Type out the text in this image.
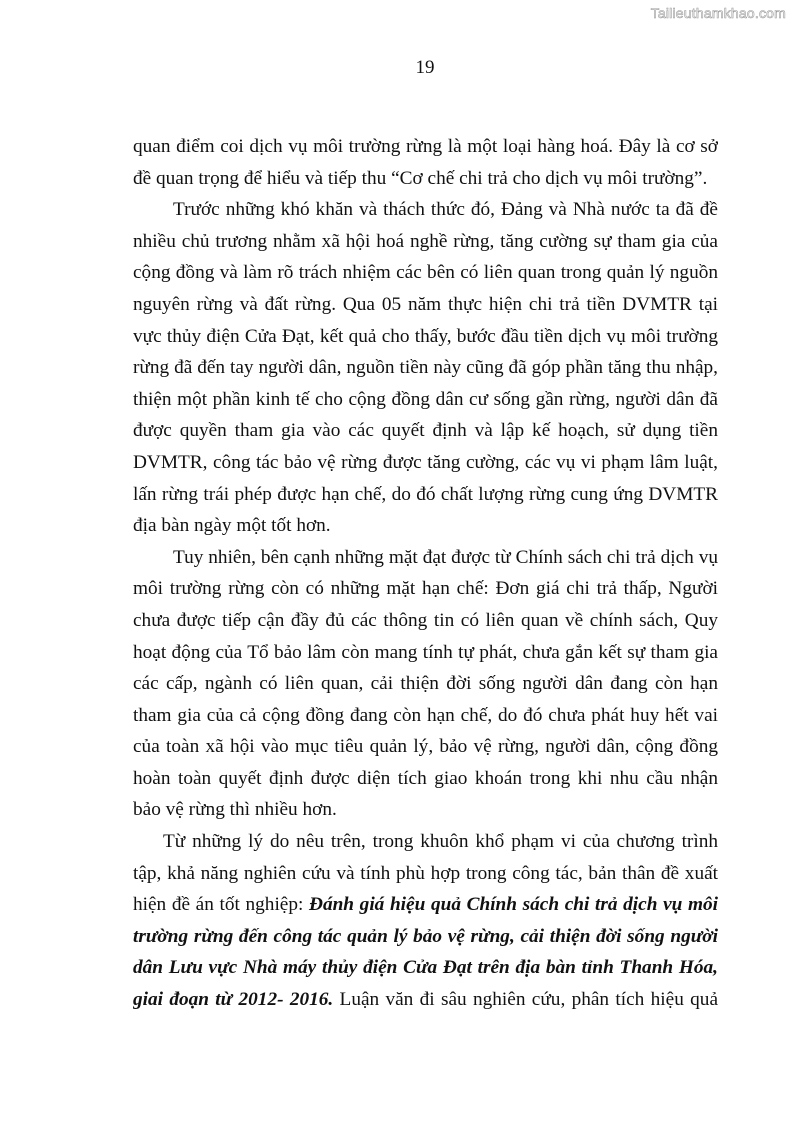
Tailieuthamkhao.com
19
quan điểm coi dịch vụ môi trường rừng là một loại hàng hoá. Đây là cơ sở
đề quan trọng để hiểu và tiếp thu “Cơ chế chi trả cho dịch vụ môi trường”.
Trước những khó khăn và thách thức đó, Đảng và Nhà nước ta đã đề
nhiều chủ trương nhằm xã hội hoá nghề rừng, tăng cường sự tham gia của
cộng đồng và làm rõ trách nhiệm các bên có liên quan trong quản lý nguồn
nguyên rừng và đất rừng. Qua 05 năm thực hiện chi trả tiền DVMTR tại
vực thủy điện Cửa Đạt, kết quả cho thấy, bước đầu tiền dịch vụ môi trường
rừng đã đến tay người dân, nguồn tiền này cũng đã góp phần tăng thu nhập,
thiện một phần kinh tế cho cộng đồng dân cư sống gần rừng, người dân đã
được quyền tham gia vào các quyết định và lập kế hoạch, sử dụng tiền
DVMTR, công tác bảo vệ rừng được tăng cường, các vụ vi phạm lâm luật,
lấn rừng trái phép được hạn chế, do đó chất lượng rừng cung ứng DVMTR
địa bàn ngày một tốt hơn.
Tuy nhiên, bên cạnh những mặt đạt được từ Chính sách chi trả dịch vụ
môi trường rừng còn có những mặt hạn chế: Đơn giá chi trả thấp, Người
chưa được tiếp cận đầy đủ các thông tin có liên quan về chính sách, Quy
hoạt động của Tổ bảo lâm còn mang tính tự phát, chưa gắn kết sự tham gia
các cấp, ngành có liên quan, cải thiện đời sống người dân đang còn hạn
tham gia của cả cộng đồng đang còn hạn chế, do đó chưa phát huy hết vai
của toàn xã hội vào mục tiêu quản lý, bảo vệ rừng, người dân, cộng đồng
hoàn toàn quyết định được diện tích giao khoán trong khi nhu cầu nhận
bảo vệ rừng thì nhiều hơn.
Từ những lý do nêu trên, trong khuôn khổ phạm vi của chương trình
tập, khả năng nghiên cứu và tính phù hợp trong công tác, bản thân đề xuất
hiện đề án tốt nghiệp: Đánh giá hiệu quả Chính sách chi trả dịch vụ môi
trường rừng đến công tác quản lý bảo vệ rừng, cải thiện đời sống người
dân Lưu vực Nhà máy thủy điện Cửa Đạt trên địa bàn tỉnh Thanh Hóa,
giai đoạn từ 2012- 2016. Luận văn đi sâu nghiên cứu, phân tích hiệu quả
